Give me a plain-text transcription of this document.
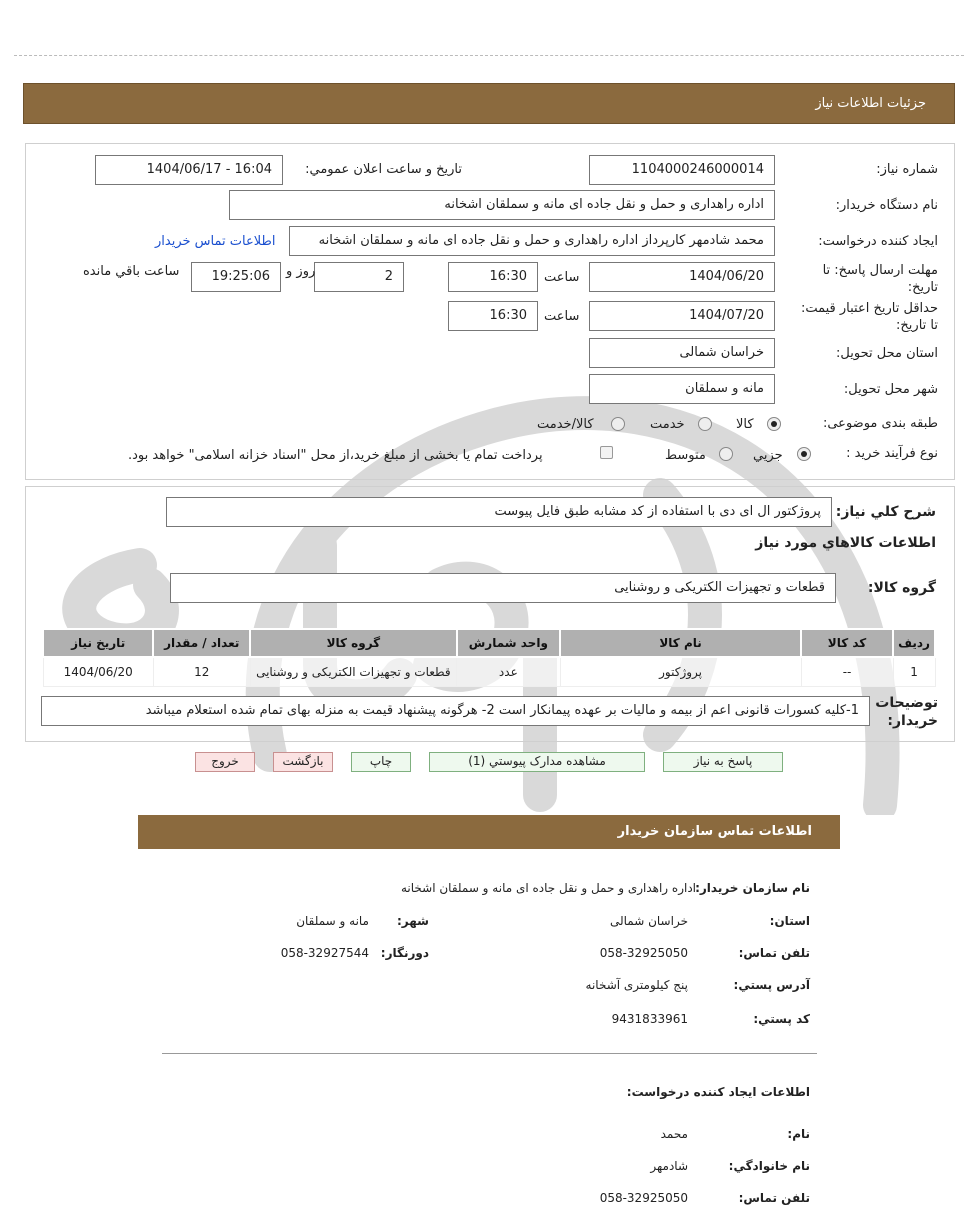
جزئيات اطلاعات نياز
شماره نياز:
1104000246000014
تاريخ و ساعت اعلان عمومي:
1404/06/17 - 16:04
نام دستگاه خريدار:
اداره راهداری و حمل و نقل جاده ای مانه و سملقان اشخانه
ايجاد کننده درخواست:
محمد شادمهر کارپرداز اداره راهداری و حمل و نقل جاده ای مانه و سملقان اشخانه
اطلاعات تماس خريدار
مهلت ارسال پاسخ: تا
تاريخ:
1404/06/20
ساعت
16:30
2
روز و
19:25:06
ساعت باقي مانده
حداقل تاريخ اعتبار قيمت:
تا تاريخ:
1404/07/20
ساعت
16:30
استان محل تحويل:
خراسان شمالی
شهر محل تحويل:
مانه و سملقان
طبقه بندی موضوعی:
کالا
خدمت
کالا/خدمت
نوع فرآيند خريد :
جزيي
متوسط
پرداخت تمام يا بخشی از مبلغ خريد،از محل "اسناد خزانه اسلامی" خواهد بود.
شرح کلي نياز:
پروژکتور ال ای دی با استفاده از کد مشابه طبق فایل پیوست
اطلاعات کالاهاي مورد نياز
گروه کالا:
قطعات و تجهيزات الکتريکی و روشنايی
رديف	کد کالا	نام کالا	واحد شمارش	گروه کالا	تعداد / مقدار	تاريخ نياز
1	--	پروژکتور	عدد	قطعات و تجهيزات الکتريکی و روشنايی	12	1404/06/20
توضيحات
خريدار:
1-کلیه کسورات قانونی اعم از بیمه و مالیات بر عهده پیمانکار است 2- هرگونه پیشنهاد قیمت به منزله بهای تمام شده استعلام میباشد
پاسخ به نياز
مشاهده مدارک پيوستي (1)
چاپ
بازگشت
خروج
اطلاعات تماس سازمان خريدار
نام سازمان خريدار:
اداره راهداری و حمل و نقل جاده ای مانه و سملقان اشخانه
استان:
خراسان شمالی
شهر:
مانه و سملقان
تلفن تماس:
058-32925050
دورنگار:
058-32927544
آدرس پستي:
پنج کیلومتری آشخانه
کد پستي:
9431833961
اطلاعات ايجاد کننده درخواست:
نام:
محمد
نام خانوادگي:
شادمهر
تلفن تماس:
058-32925050
